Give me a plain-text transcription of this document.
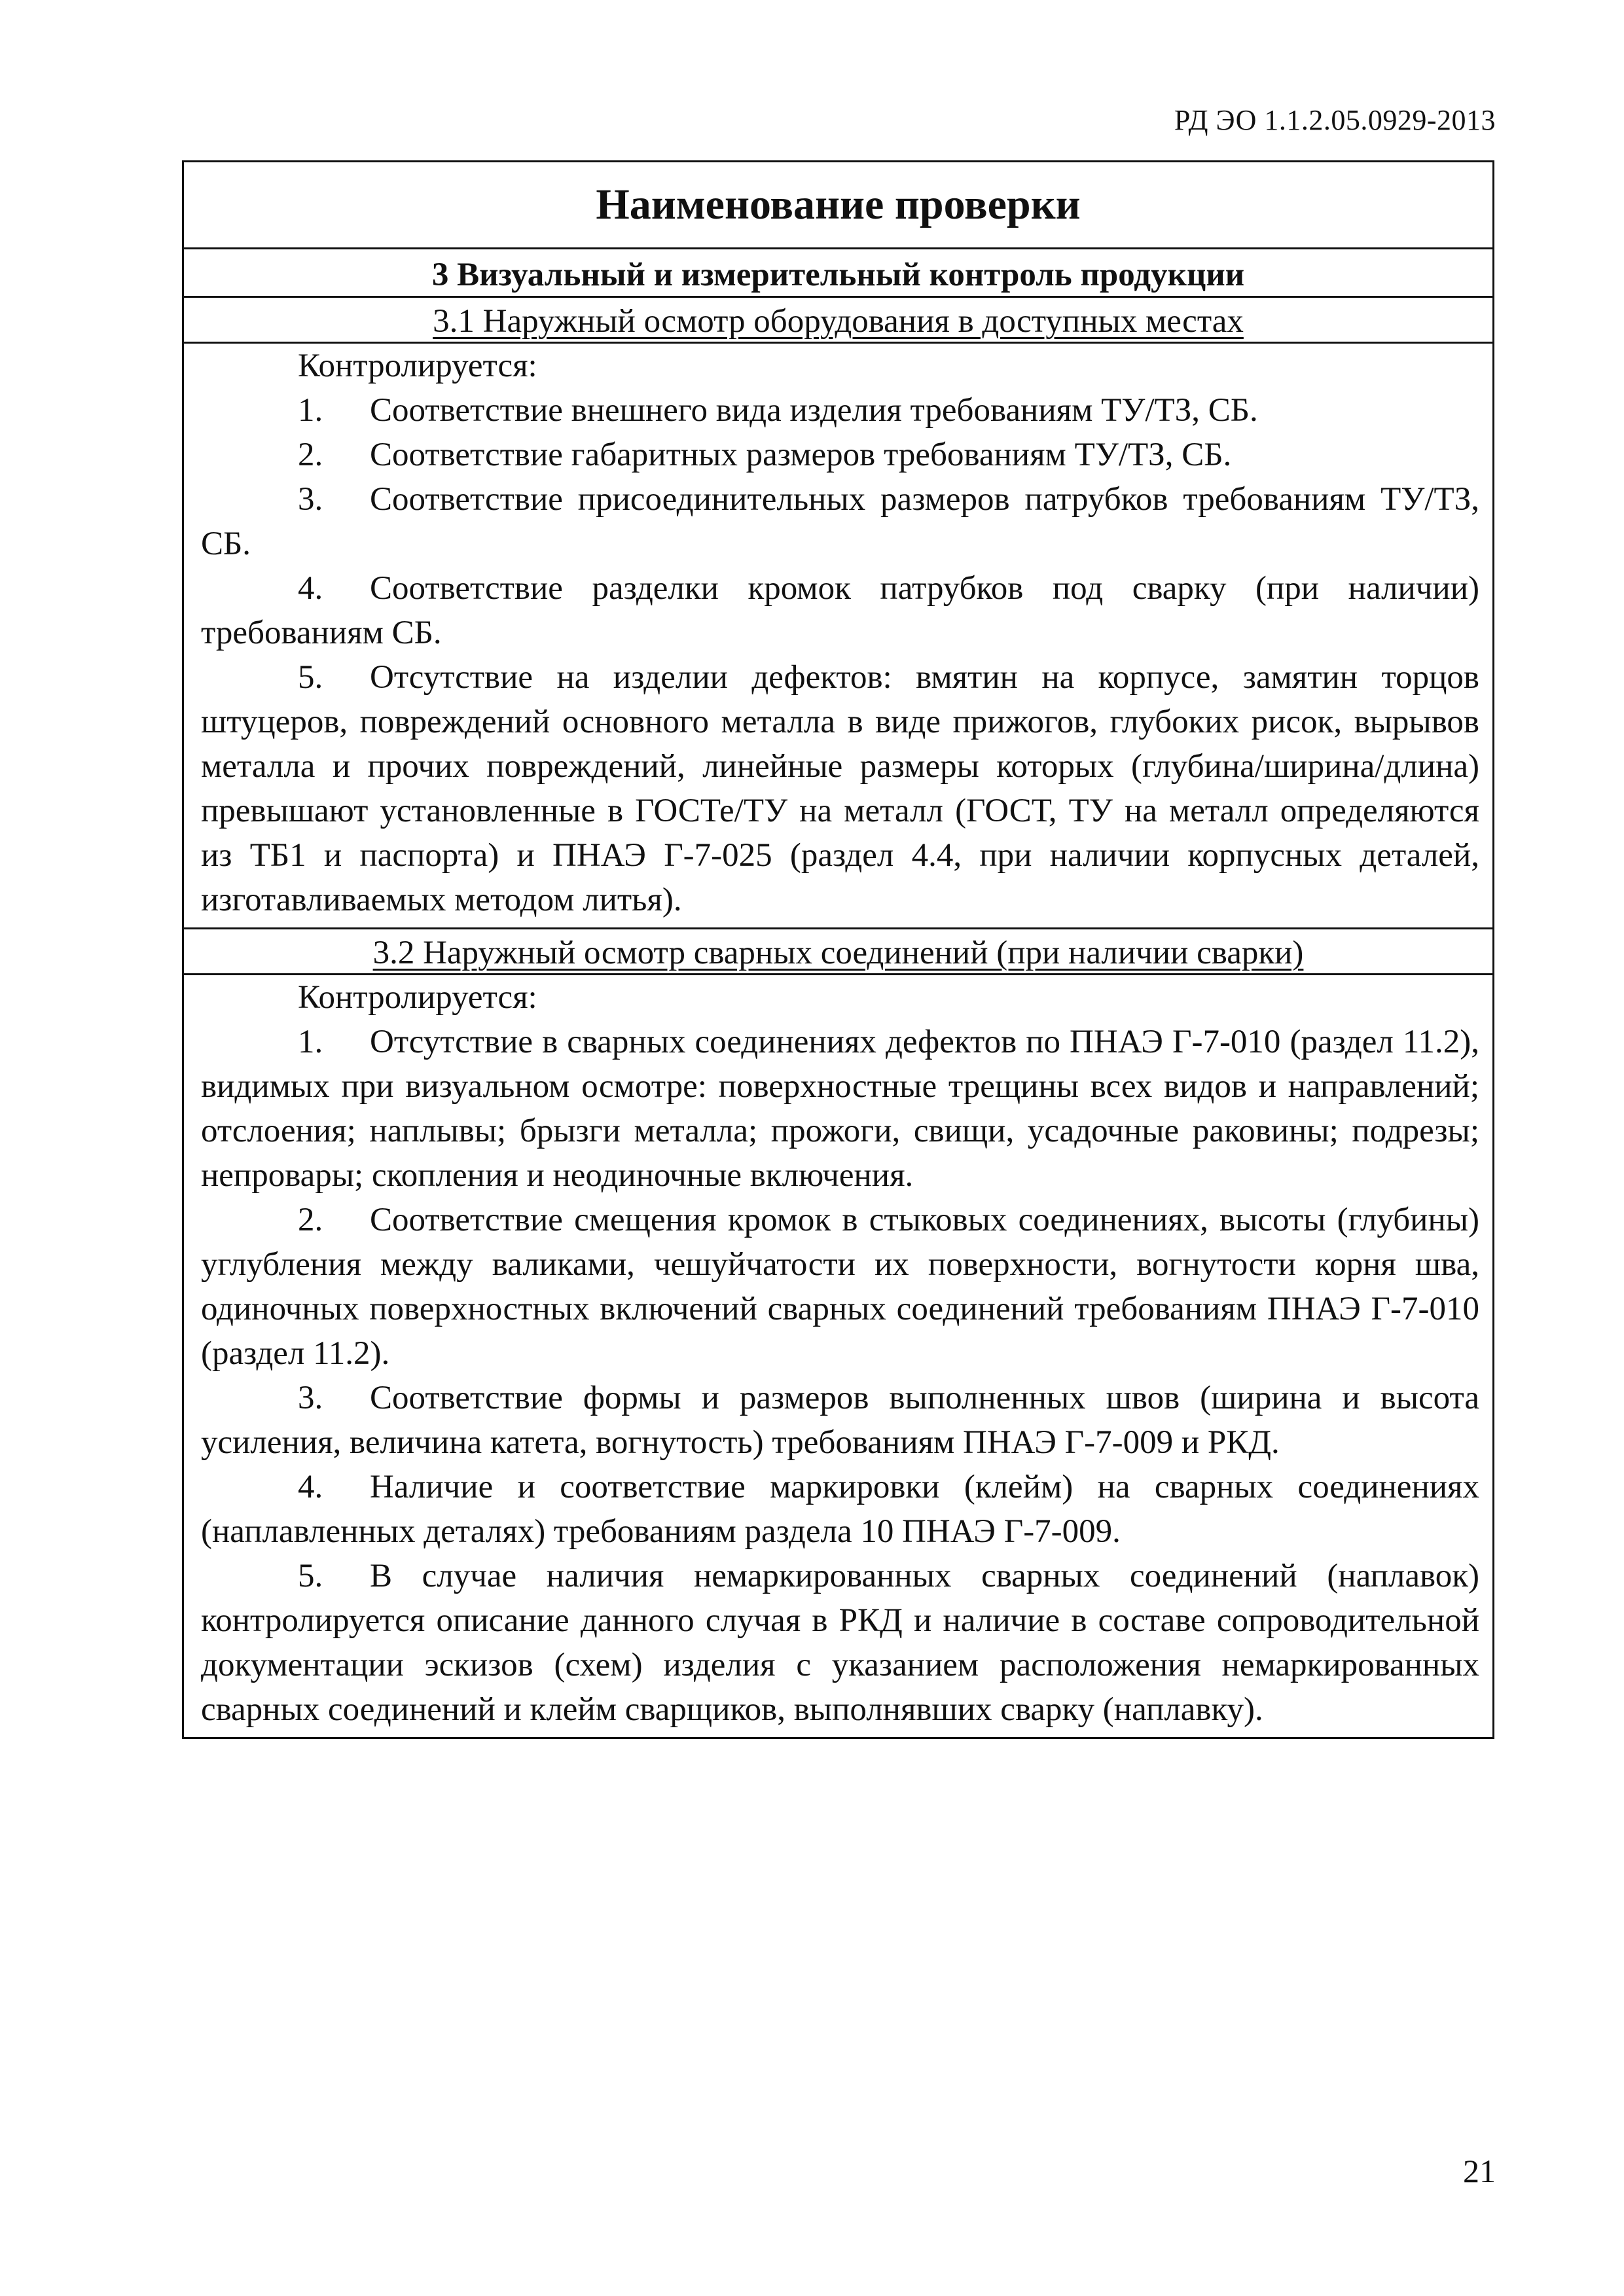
РД ЭО 1.1.2.05.0929-2013
Наименование проверки
3 Визуальный и измерительный контроль продукции
3.1 Наружный осмотр оборудования в доступных местах

Контролируется:

1. Соответствие внешнего вида изделия требованиям ТУ/ТЗ, СБ.

2. Соответствие габаритных размеров требованиям ТУ/ТЗ, СБ.

3. Соответствие присоединительных размеров патрубков требованиям ТУ/ТЗ, СБ.

4. Соответствие разделки кромок патрубков под сварку (при наличии) требованиям СБ.

5. Отсутствие на изделии дефектов: вмятин на корпусе, замятин торцов штуцеров, повреждений основного металла в виде прижогов, глубоких рисок, вырывов металла и прочих повреждений, линейные размеры которых (глубина/ширина/длина) превышают установленные в ГОСТе/ТУ на металл (ГОСТ, ТУ на металл определяются из ТБ1 и паспорта) и ПНАЭ Г-7-025 (раздел 4.4, при наличии корпусных деталей, изготавливаемых методом литья).

3.2 Наружный осмотр сварных соединений (при наличии сварки)

Контролируется:

1. Отсутствие в сварных соединениях дефектов по ПНАЭ Г-7-010 (раздел 11.2), видимых при визуальном осмотре: поверхностные трещины всех видов и направлений; отслоения; наплывы; брызги металла; прожоги, свищи, усадочные раковины; подрезы; непровары; скопления и неодиночные включения.

2. Соответствие смещения кромок в стыковых соединениях, высоты (глубины) углубления между валиками, чешуйчатости их поверхности, вогнутости корня шва, одиночных поверхностных включений сварных соединений требованиям ПНАЭ Г-7-010 (раздел 11.2).

3. Соответствие формы и размеров выполненных швов (ширина и высота усиления, величина катета, вогнутость) требованиям ПНАЭ Г-7-009 и РКД.

4. Наличие и соответствие маркировки (клейм) на сварных соединениях (наплавленных деталях) требованиям раздела 10 ПНАЭ Г-7-009.

5. В случае наличия немаркированных сварных соединений (наплавок) контролируется описание данного случая в РКД и наличие в составе сопроводительной документации эскизов (схем) изделия с указанием расположения немаркированных сварных соединений и клейм сварщиков, выполнявших сварку (наплавку).

21
